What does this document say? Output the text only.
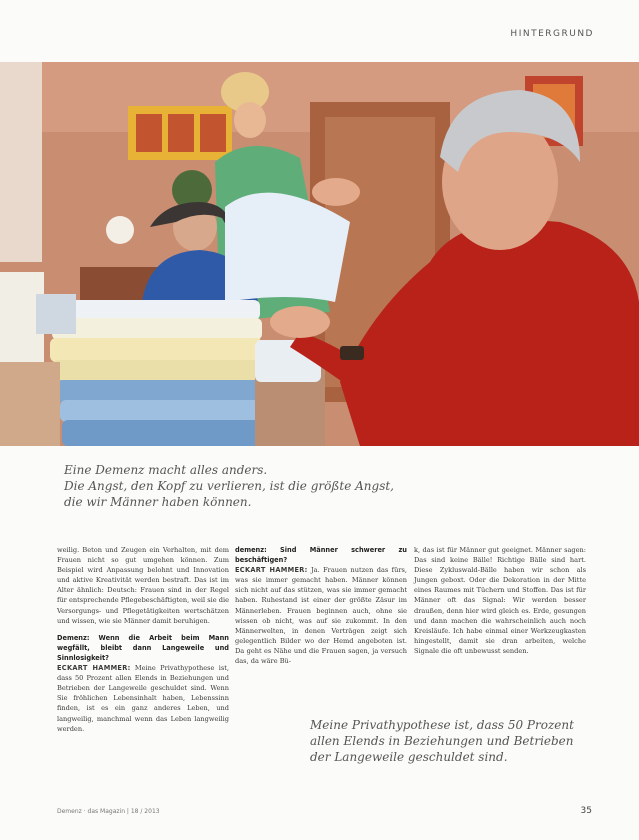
HINTERGRUND
Eine Demenz macht alles anders.
Die Angst, den Kopf zu verlieren, ist die größte Angst,
die wir Männer haben können.

weilig. Beton und Zeugen ein Verhalten, mit dem Frauen nicht so gut umgehen können. Zum Beispiel wird Anpassung belohnt und Innovation und aktive Kreativität werden bestraft. Das ist im Alter ähnlich: Deutsch: Frauen sind in der Regel für entsprechende Pflegebeschäftigten, weil sie die Versorgungs- und Pflegetätigkeiten wertschätzen und wissen, wie sie Männer damit beruhigen.

Demenz: Wenn die Arbeit beim Mann wegfällt, bleibt dann Langeweile und Sinnlosigkeit?

ECKART HAMMER: Meine Privathypothese ist, dass 50 Prozent allen Elends in Beziehungen und Betrieben der Langeweile geschuldet sind. Wenn Sie fröhlichen Lebensinhalt haben, Lebenssinn finden, ist es ein ganz anderes Leben, und langweilig, manchmal wenn das Leben langweilig werden.

demenz: Sind Männer schwerer zu beschäftigen?

ECKART HAMMER: Ja. Frauen nutzen das fürs, was sie immer gemacht haben. Männer können sich nicht auf das stützen, was sie immer gemacht haben. Ruhestand ist einer der größte Zäsur im Männerleben. Frauen beginnen auch, ohne sie wissen ob nicht, was auf sie zukommt. In den Männerwelten, in denen Verträgen zeigt sich gelegentlich Bilder wo der Hemd angeboten ist. Da geht es Nähe und die Frauen sagen, ja versuch das, da wäre Bü-

k, das ist für Männer gut geeignet. Männer sagen: Das sind keine Bälle! Richtige Bälle sind hart. Diese Zykluswald-Bälle haben wir schon als Jungen geboxt. Oder die Dekoration in der Mitte eines Raumes mit Tüchern und Stoffen. Das ist für Männer oft das Signal: Wir werden besser draußen, denn hier wird gleich es. Erde, gesungen und dann machen die wahrscheinlich auch noch Kreisläufe. Ich habe einmal einer Werkzeugkasten hingestellt, damit sie dran arbeiten, welche Signale die oft unbewusst senden.

Meine Privathypothese ist, dass 50 Prozent
allen Elends in Beziehungen und Betrieben
der Langeweile geschuldet sind.
Demenz · das Magazin | 18 / 2013	35
